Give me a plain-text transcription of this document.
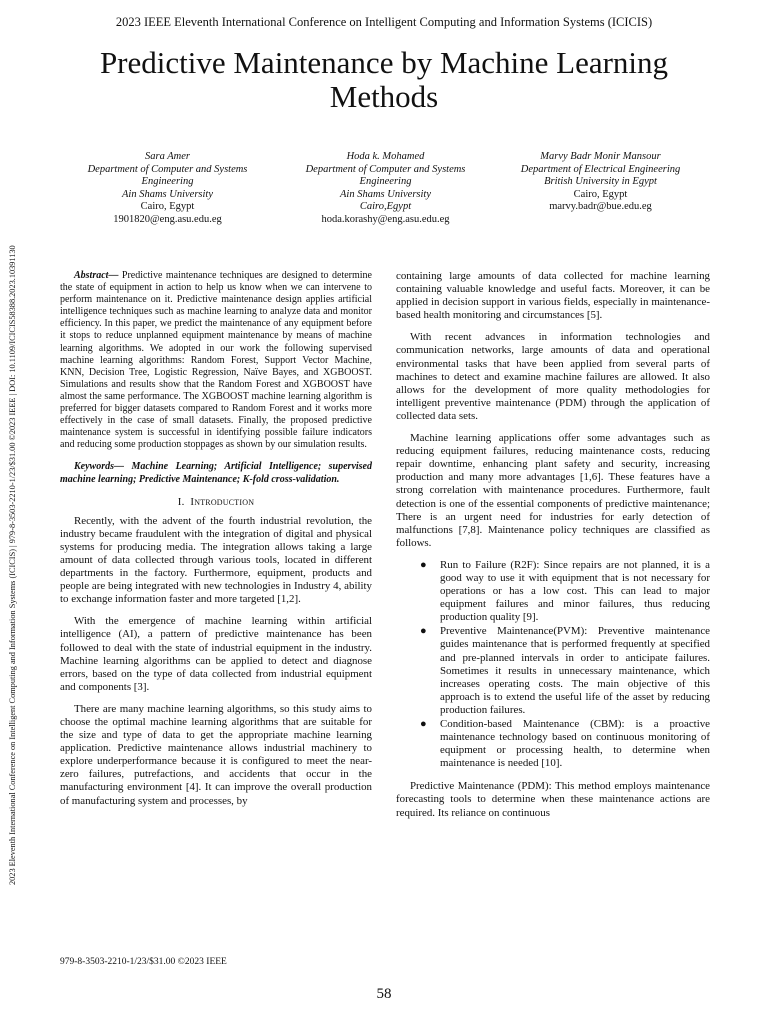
2023 IEEE Eleventh International Conference on Intelligent Computing and Information Systems (ICICIS)
Predictive Maintenance by Machine Learning Methods
2023 Eleventh International Conference on Intelligent Computing and Information Systems (ICICIS) | 979-8-3503-2210-1/23/$31.00 ©2023 IEEE | DOI: 10.1109/ICICIS58388.2023.10391130
Sara Amer
Department of Computer and Systems
Engineering
Ain Shams University
Cairo, Egypt
1901820@eng.asu.edu.eg
Hoda k. Mohamed
Department of Computer and Systems
Engineering
Ain Shams University
Cairo,Egypt
hoda.korashy@eng.asu.edu.eg
Marvy Badr Monir Mansour
Department of Electrical Engineering
British University in Egypt
Cairo, Egypt
marvy.badr@bue.edu.eg

Abstract— Predictive maintenance techniques are designed to determine the state of equipment in action to help us know when we can intervene to perform maintenance on it. Predictive maintenance design applies artificial intelligence techniques such as machine learning to analyze data and monitor efficiency. In this paper, we predict the maintenance of any equipment before it stops to reduce unplanned equipment maintenance by means of machine learning algorithms. We adopted in our work the following supervised machine learning algorithms: Random Forest, Support Vector Machine, KNN, Decision Tree, Logistic Regression, Naïve Bayes, and XGBOOST. Simulations and results show that the Random Forest and XGBOOST have almost the same performance. The XGBOOST machine learning algorithm is preferred for bigger datasets compared to Random Forest and it works more effectively in the case of small datasets. Finally, the proposed predictive maintenance system is successful in identifying possible failure indicators and reducing some production stoppages as shown by our simulation results.

Keywords— Machine Learning; Artificial Intelligence; supervised machine learning; Predictive Maintenance; K-fold cross-validation.

I. Introduction

Recently, with the advent of the fourth industrial revolution, the industry became fraudulent with the integration of digital and physical systems for producing media. The integration allows taking a large amount of data collected through various tools, located in different departments in the factory. Furthermore, equipment, products and people are being integrated with new technologies in Industry 4, ability to exchange information faster and more targeted [1,2].

With the emergence of machine learning within artificial intelligence (AI), a pattern of predictive maintenance has been followed to deal with the state of industrial equipment in the industry. Machine learning algorithms can be applied to detect and diagnose errors, based on the type of data collected from industrial equipment and components [3].

There are many machine learning algorithms, so this study aims to choose the optimal machine learning algorithms that are suitable for the size and type of data to get the appropriate machine learning application. Predictive maintenance allows industrial machinery to explore underperformance because it is configured to meet the near-zero failures, putrefactions, and accidents that occur in the manufacturing environment [4]. It can improve the overall production of manufacturing system and processes, by

containing large amounts of data collected for machine learning containing valuable knowledge and useful facts. Moreover, it can be applied in decision support in various fields, especially in maintenance-based health monitoring and circumstances [5].

With recent advances in information technologies and communication networks, large amounts of data and operational environmental tasks that have been applied from several parts of machines to detect and examine machine failures are allowed. It also allows for the development of more quality methodologies for intelligent preventive maintenance (PDM) through the application of collected data sets.

Machine learning applications offer some advantages such as reducing equipment failures, reducing maintenance costs, reducing repair downtime, enhancing plant safety and security, increasing production and many more advantages [1,6]. These features have a strong correlation with maintenance procedures. Furthermore, fault detection is one of the essential components of predictive maintenance; There is an urgent need for industries for early detection of malfunctions [7,8]. Maintenance policy techniques are classified as follows.

● Run to Failure (R2F): Since repairs are not planned, it is a good way to use it with equipment that is not necessary for operations or has a low cost. This can lead to major equipment failures and minor failures, thus reducing production quality [9].
● Preventive Maintenance(PVM): Preventive maintenance guides maintenance that is performed frequently at specified and pre-planned intervals in order to anticipate failures. Sometimes it results in unnecessary maintenance, which increases operating costs. The main objective of this approach is to extend the useful life of the asset by reducing production failures.
● Condition-based Maintenance (CBM): is a proactive maintenance technology based on continuous monitoring of equipment or processing health, to determine when maintenance is needed [10].

Predictive Maintenance (PDM): This method employs maintenance forecasting tools to determine when these maintenance actions are required. Its reliance on continuous

979-8-3503-2210-1/23/$31.00 ©2023 IEEE
58
